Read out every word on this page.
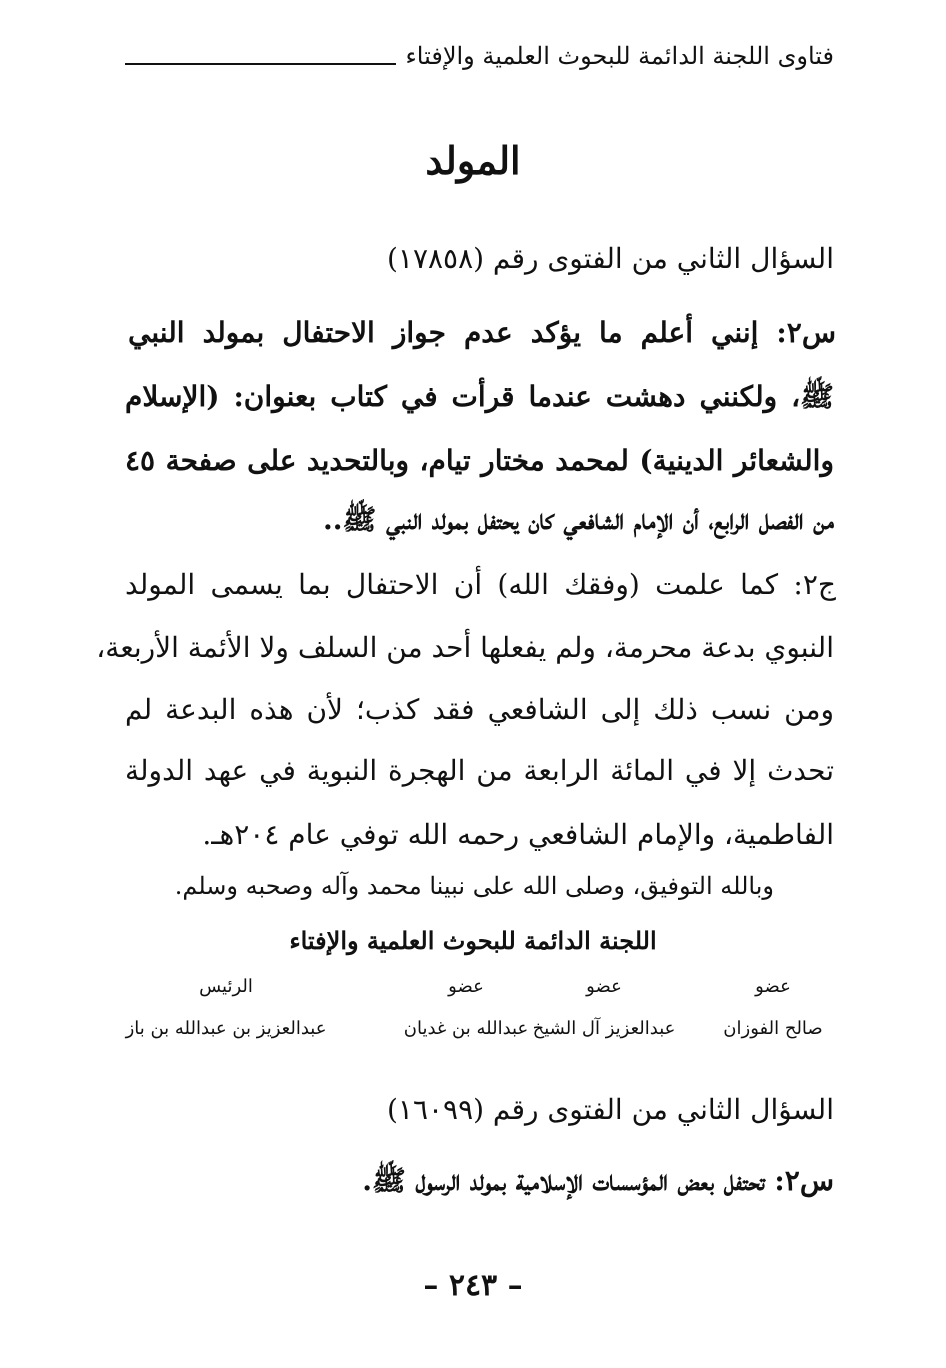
فتاوى اللجنة الدائمة للبحوث العلمية والإفتاء
المولد
السؤال الثاني من الفتوى رقم (١٧٨٥٨)
س٢: إنني أعلم ما يؤكد عدم جواز الاحتفال بمولد النبي
ﷺ، ولكنني دهشت عندما قرأت في كتاب بعنوان: (الإسلام
والشعائر الدينية) لمحمد مختار تيام، وبالتحديد على صفحة ٤٥
من الفصل الرابع، أن الإمام الشافعي كان يحتفل بمولد النبي ﷺ..
ج٢: كما علمت (وفقك الله) أن الاحتفال بما يسمى المولد
النبوي بدعة محرمة، ولم يفعلها أحد من السلف ولا الأئمة الأربعة،
ومن نسب ذلك إلى الشافعي فقد كذب؛ لأن هذه البدعة لم
تحدث إلا في المائة الرابعة من الهجرة النبوية في عهد الدولة
الفاطمية، والإمام الشافعي رحمه الله توفي عام ٢٠٤هـ.
وبالله التوفيق، وصلى الله على نبينا محمد وآله وصحبه وسلم.
اللجنة الدائمة للبحوث العلمية والإفتاء
عضو
عضو
عضو
الرئيس
صالح الفوزان
عبدالعزيز آل الشيخ
عبدالله بن غديان
عبدالعزيز بن عبدالله بن باز
السؤال الثاني من الفتوى رقم (١٦٠٩٩)
س٢: تحتفل بعض المؤسسات الإسلامية بمولد الرسول ﷺ.
– ٢٤٣ –
